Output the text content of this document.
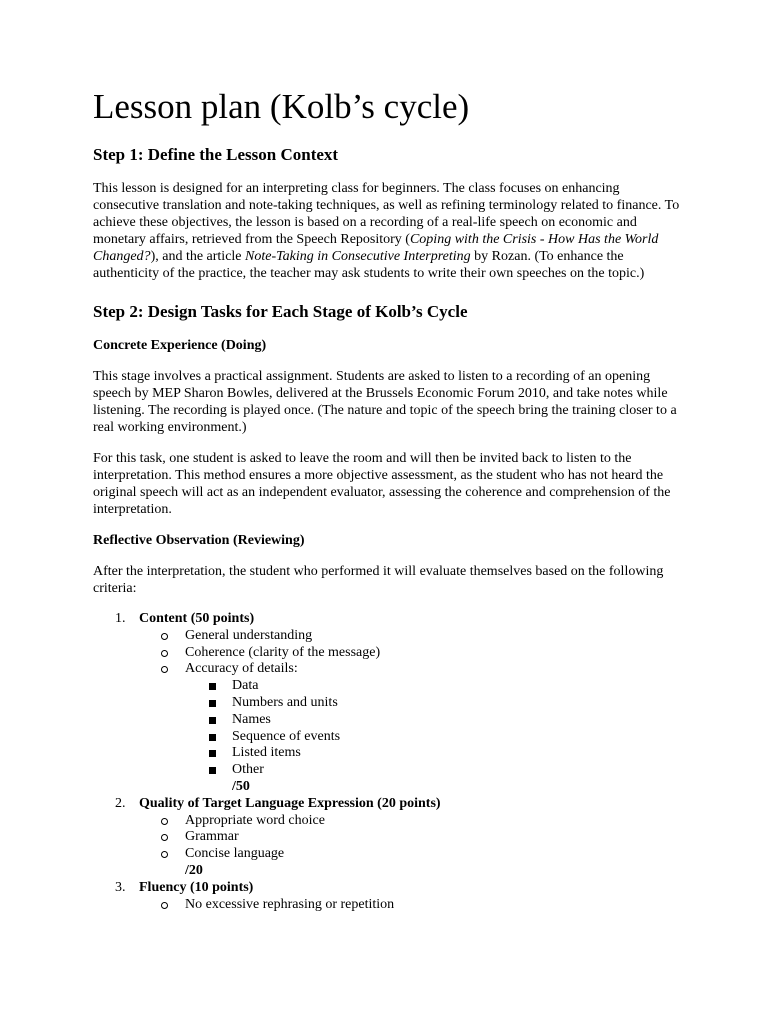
Lesson plan (Kolb’s cycle)
Step 1: Define the Lesson Context

This lesson is designed for an interpreting class for beginners. The class focuses on enhancing consecutive translation and note-taking techniques, as well as refining terminology related to finance. To achieve these objectives, the lesson is based on a recording of a real-life speech on economic and monetary affairs, retrieved from the Speech Repository (Coping with the Crisis - How Has the World Changed?), and the article Note-Taking in Consecutive Interpreting by Rozan. (To enhance the authenticity of the practice, the teacher may ask students to write their own speeches on the topic.)

Step 2: Design Tasks for Each Stage of Kolb’s Cycle
Concrete Experience (Doing)

This stage involves a practical assignment. Students are asked to listen to a recording of an opening speech by MEP Sharon Bowles, delivered at the Brussels Economic Forum 2010, and take notes while listening. The recording is played once. (The nature and topic of the speech bring the training closer to a real working environment.)

For this task, one student is asked to leave the room and will then be invited back to listen to the interpretation. This method ensures a more objective assessment, as the student who has not heard the original speech will act as an independent evaluator, assessing the coherence and comprehension of the interpretation.

Reflective Observation (Reviewing)

After the interpretation, the student who performed it will evaluate themselves based on the following criteria:

1. Content (50 points)
General understanding
Coherence (clarity of the message)
Accuracy of details:
Data
Numbers and units
Names
Sequence of events
Listed items
Other
/50
2. Quality of Target Language Expression (20 points)
Appropriate word choice
Grammar
Concise language
/20
3. Fluency (10 points)
No excessive rephrasing or repetition
